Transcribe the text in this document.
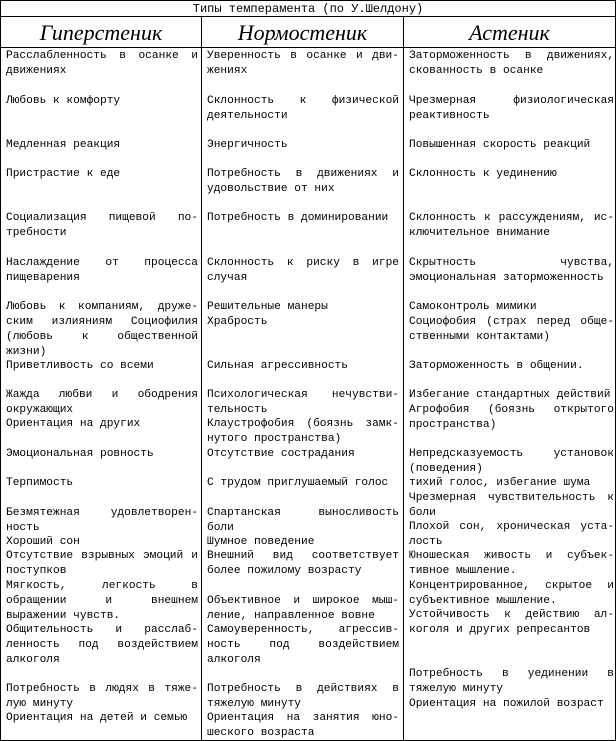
Типы темперамента (по У.Шелдону)
Гиперстеник	Нормостеник	Астеник
Расслабленность в осанке и движениях
Любовь к комфорту
Медленная реакция
Пристрастие к еде
Социализация пищевой по-требности
Наслаждение от процесса пищеварения
Любовь к компаниям, друже-ским излияниям Социофилия (любовь к общественной жизни)
Приветливость со всеми
Жажда любви и ободрения окружающих
Ориентация на других
Эмоциональная ровность
Терпимость
Безмятежная удовлетворен-ность
Хороший сон
Отсутствие взрывных эмоций и поступков
Мягкость, легкость в обращении и внешнем выражении чувств.
Общительность и расслаб-ленность под воздействием алкоголя
Потребность в людях в тяже-лую минуту
Ориентация на детей и семью
Уверенность в осанке и дви-жениях
Склонность к физической деятельности
Энергичность
Потребность в движениях и удовольствие от них
Потребность в доминировании
Склонность к риску в игре случая
Решительные манеры
Храбрость
Сильная агрессивность
Психологическая нечувстви-тельность
Клаустрофобия (боязнь замк-нутого пространства)
Отсутствие сострадания
С трудом приглушаемый голос
Спартанская выносливость боли
Шумное поведение
Внешний вид соответствует более пожилому возрасту
Объективное и широкое мыш-ление, направленное вовне
Самоуверенность, агрессив-ность под воздействием алкоголя
Потребность в действиях в тяжелую минуту
Ориентация на занятия юно-шеского возраста
Заторможенность в движениях, скованность в осанке
Чрезмерная физиологическая реактивность
Повышенная скорость реакций
Склонность к уединению
Склонность к рассуждениям, ис-ключительное внимание
Скрытность чувства, эмоциональная заторможенность
Самоконтроль мимики
Социофобия (страх перед обще-ственными контактами)
Заторможенность в общении.
Избегание стандартных действий
Агрофобия (боязнь открытого пространства)
Непредсказуемость установок (поведения)
тихий голос, избегание шума
Чрезмерная чувствительность к боли
Плохой сон, хроническая уста-лость
Юношеская живость и субъек-тивное мышление.
Концентрированное, скрытое и субъективное мышление.
Устойчивость к действию ал-коголя и других репресантов
Потребность в уединении в тяжелую минуту
Ориентация на пожилой возраст
